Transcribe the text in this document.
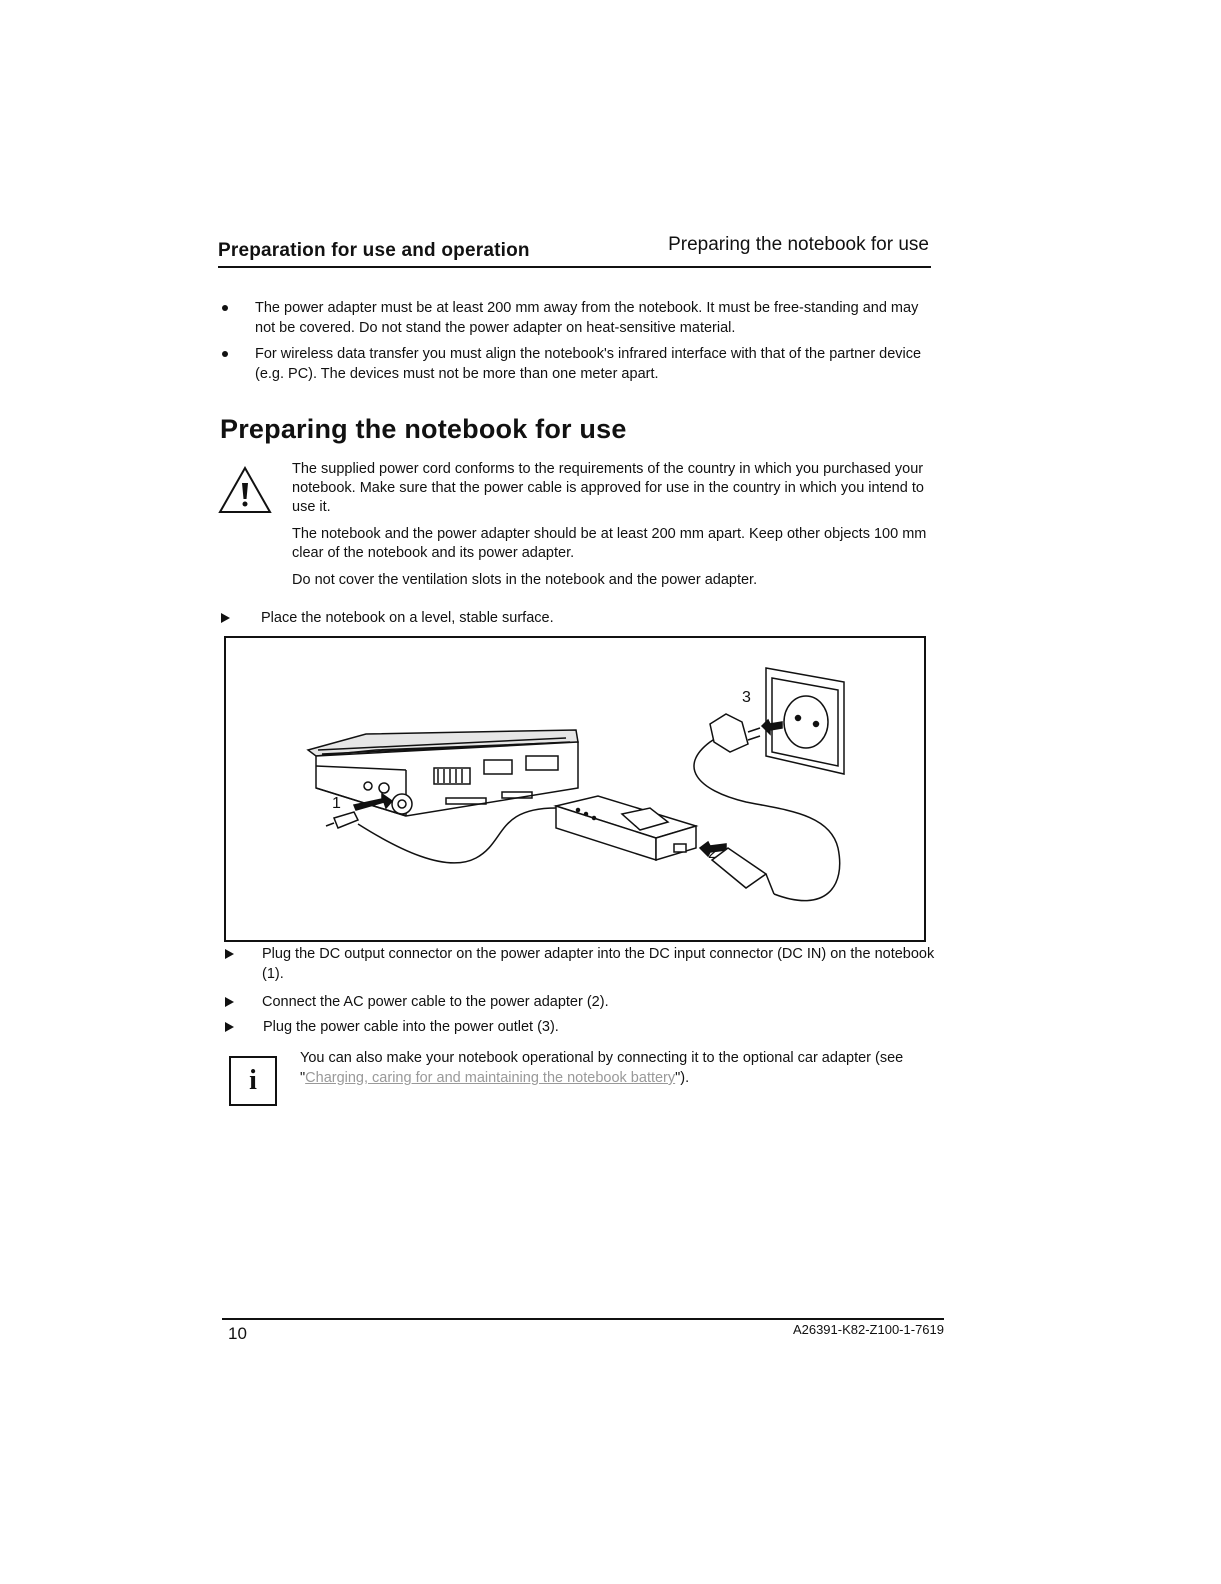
Preparation for use and operation	Preparing the notebook for use
The power adapter must be at least 200 mm away from the notebook. It must be free-standing and may not be covered. Do not stand the power adapter on heat-sensitive material.
For wireless data transfer you must align the notebook's infrared interface with that of the partner device (e.g. PC). The devices must not be more than one meter apart.
Preparing the notebook for use

The supplied power cord conforms to the requirements of the country in which you purchased your notebook. Make sure that the power cable is approved for use in the country in which you intend to use it.

The notebook and the power adapter should be at least 200 mm apart. Keep other objects 100 mm clear of the notebook and its power adapter.

Do not cover the ventilation slots in the notebook and the power adapter.

Place the notebook on a level, stable surface.
1
2
3
Plug the DC output connector on the power adapter into the DC input connector (DC IN) on the notebook (1).
Connect the AC power cable to the power adapter (2).
Plug the power cable into the power outlet (3).
i
You can also make your notebook operational by connecting it to the optional car adapter (see "Charging, caring for and maintaining the notebook battery").
10	A26391-K82-Z100-1-7619
